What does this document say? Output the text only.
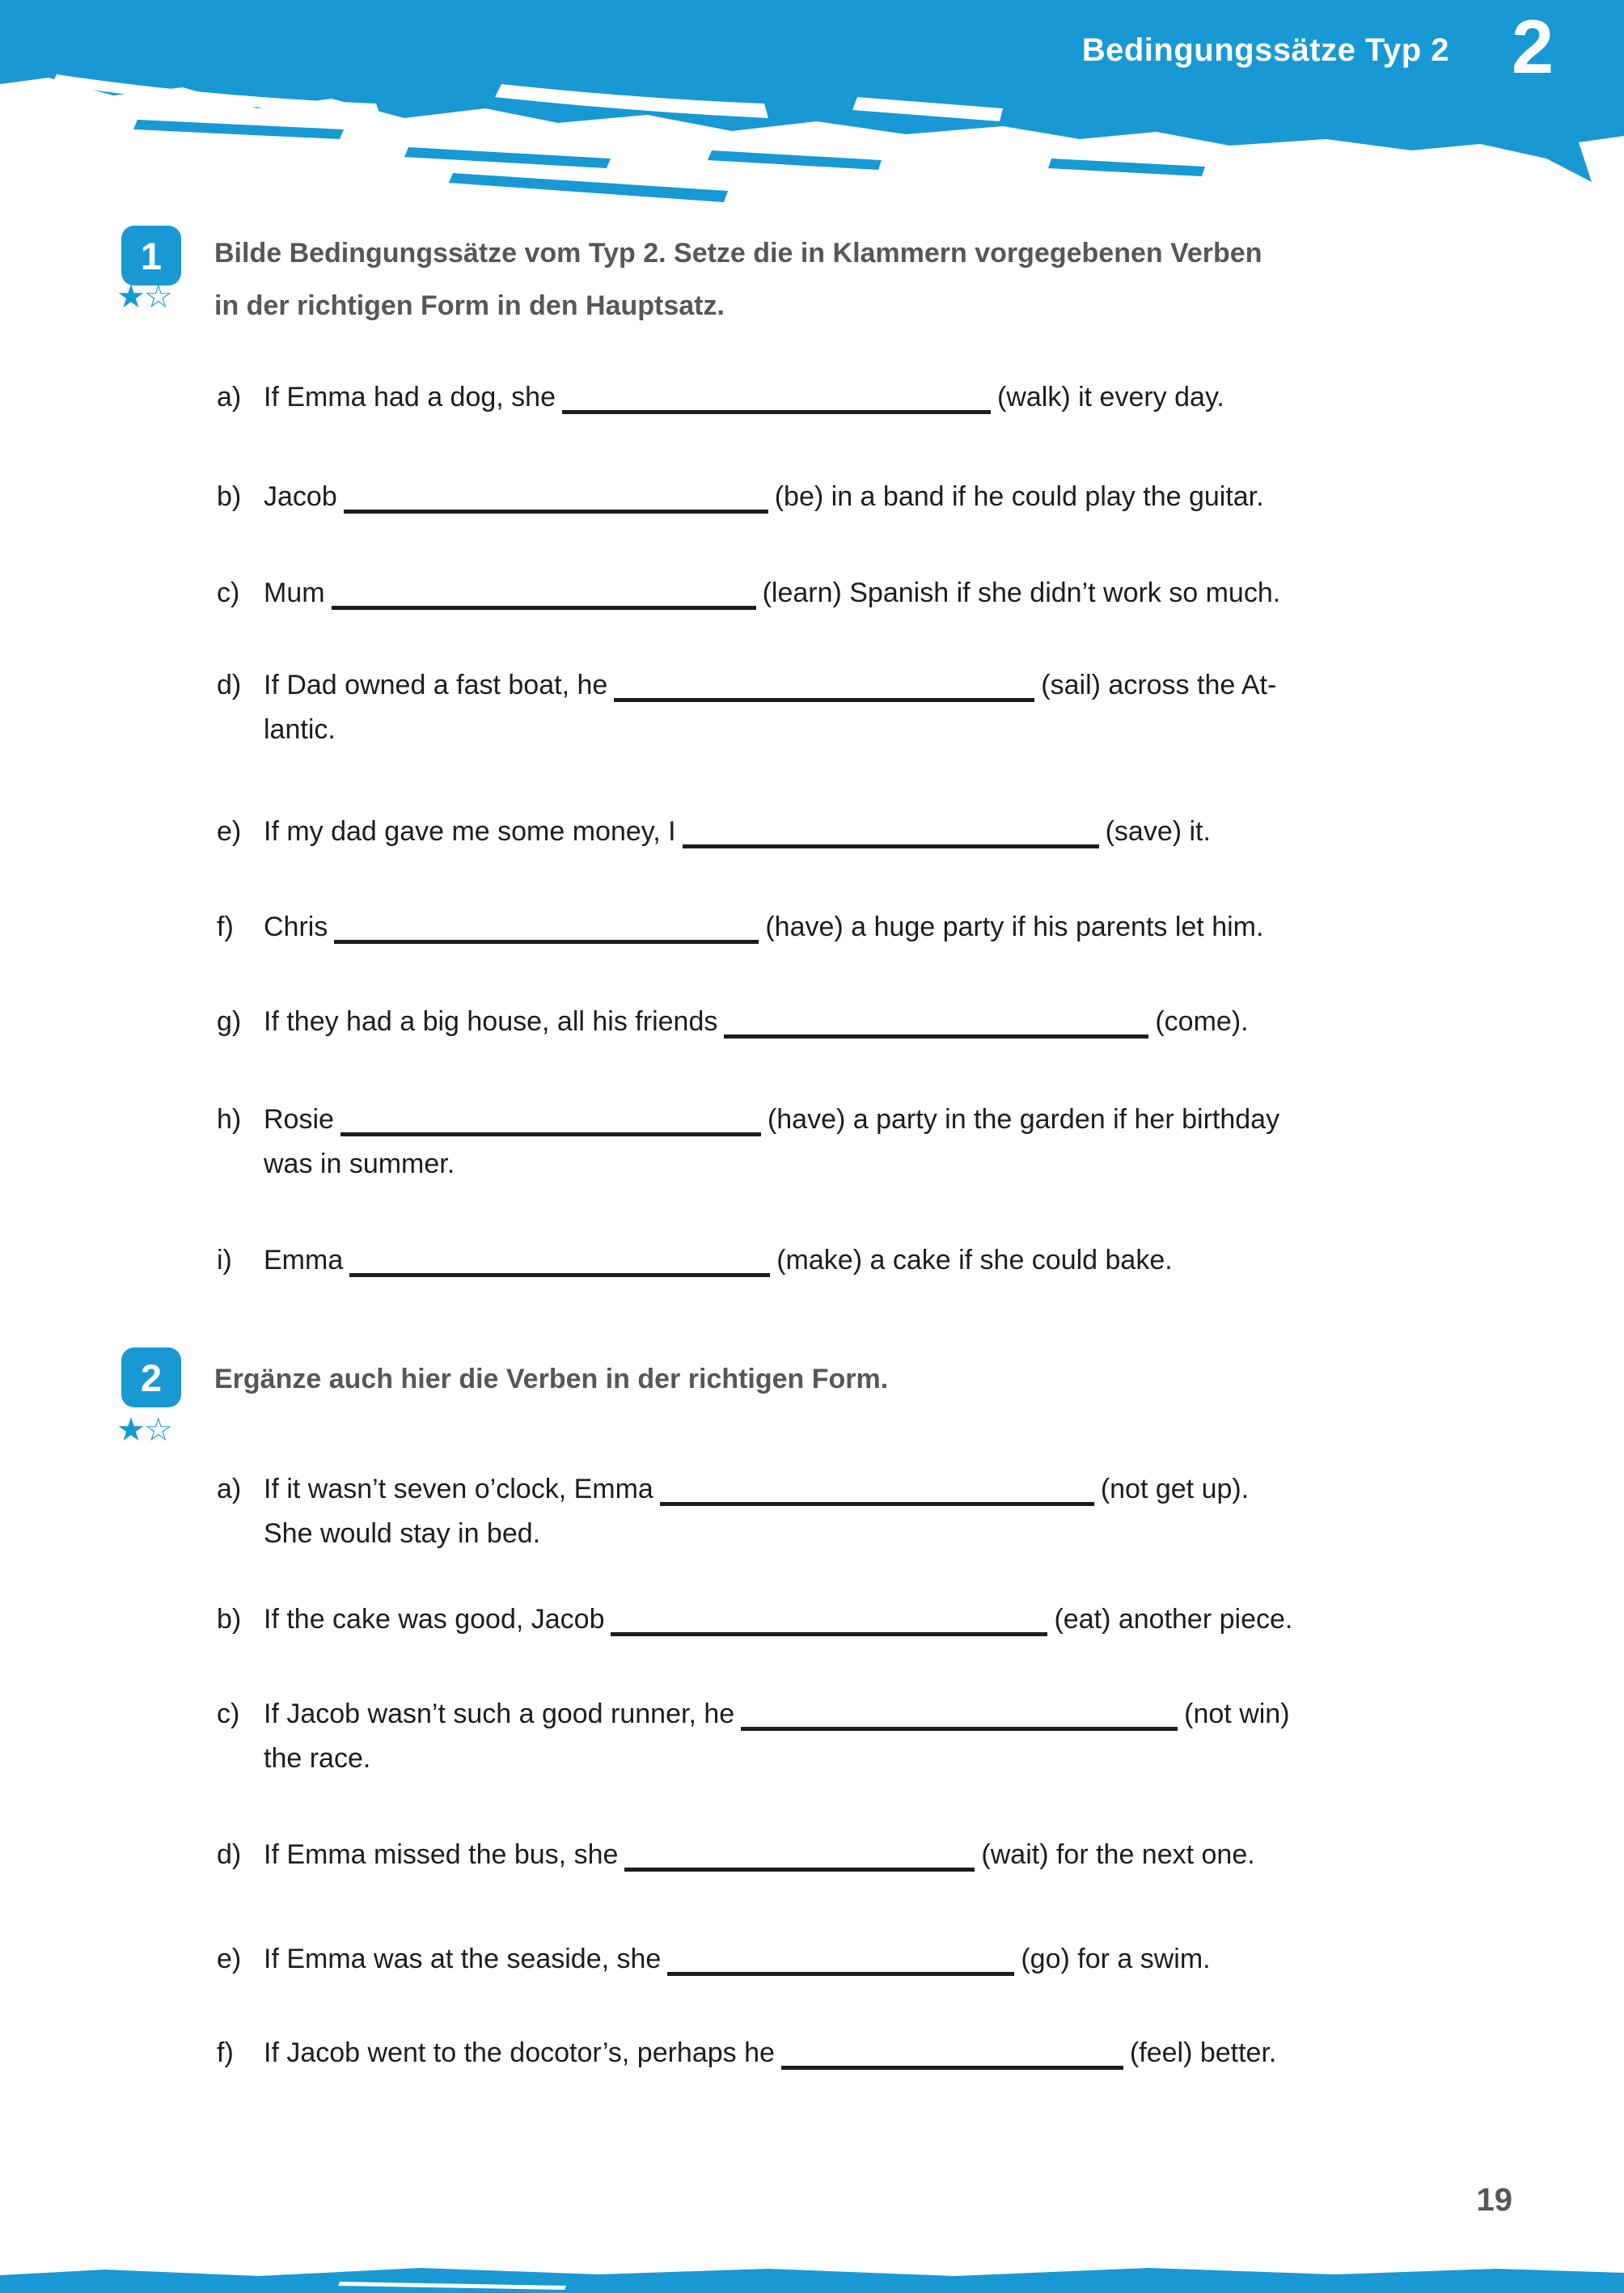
Bedingungssätze Typ 2 2
1
★☆
Bilde Bedingungssätze vom Typ 2. Setze die in Klammern vorgegebenen Verben
in der richtigen Form in den Hauptsatz.
a) If Emma had a dog, she	(walk) it every day.
b) Jacob	(be) in a band if he could play the guitar.
c) Mum	(learn) Spanish if she didn’t work so much.
d) If Dad owned a fast boat, he	(sail) across the At-
lantic.
e) If my dad gave me some money, I	(save) it.
f) Chris	(have) a huge party if his parents let him.
g) If they had a big house, all his friends	(come).
h) Rosie	(have) a party in the garden if her birthday
was in summer.
i) Emma	(make) a cake if she could bake.
2
★☆
Ergänze auch hier die Verben in der richtigen Form.
a) If it wasn’t seven o’clock, Emma	(not get up).
She would stay in bed.
b) If the cake was good, Jacob	(eat) another piece.
c) If Jacob wasn’t such a good runner, he	(not win)
the race.
d) If Emma missed the bus, she	(wait) for the next one.
e) If Emma was at the seaside, she	(go) for a swim.
f) If Jacob went to the docotor’s, perhaps he	(feel) better.
19
